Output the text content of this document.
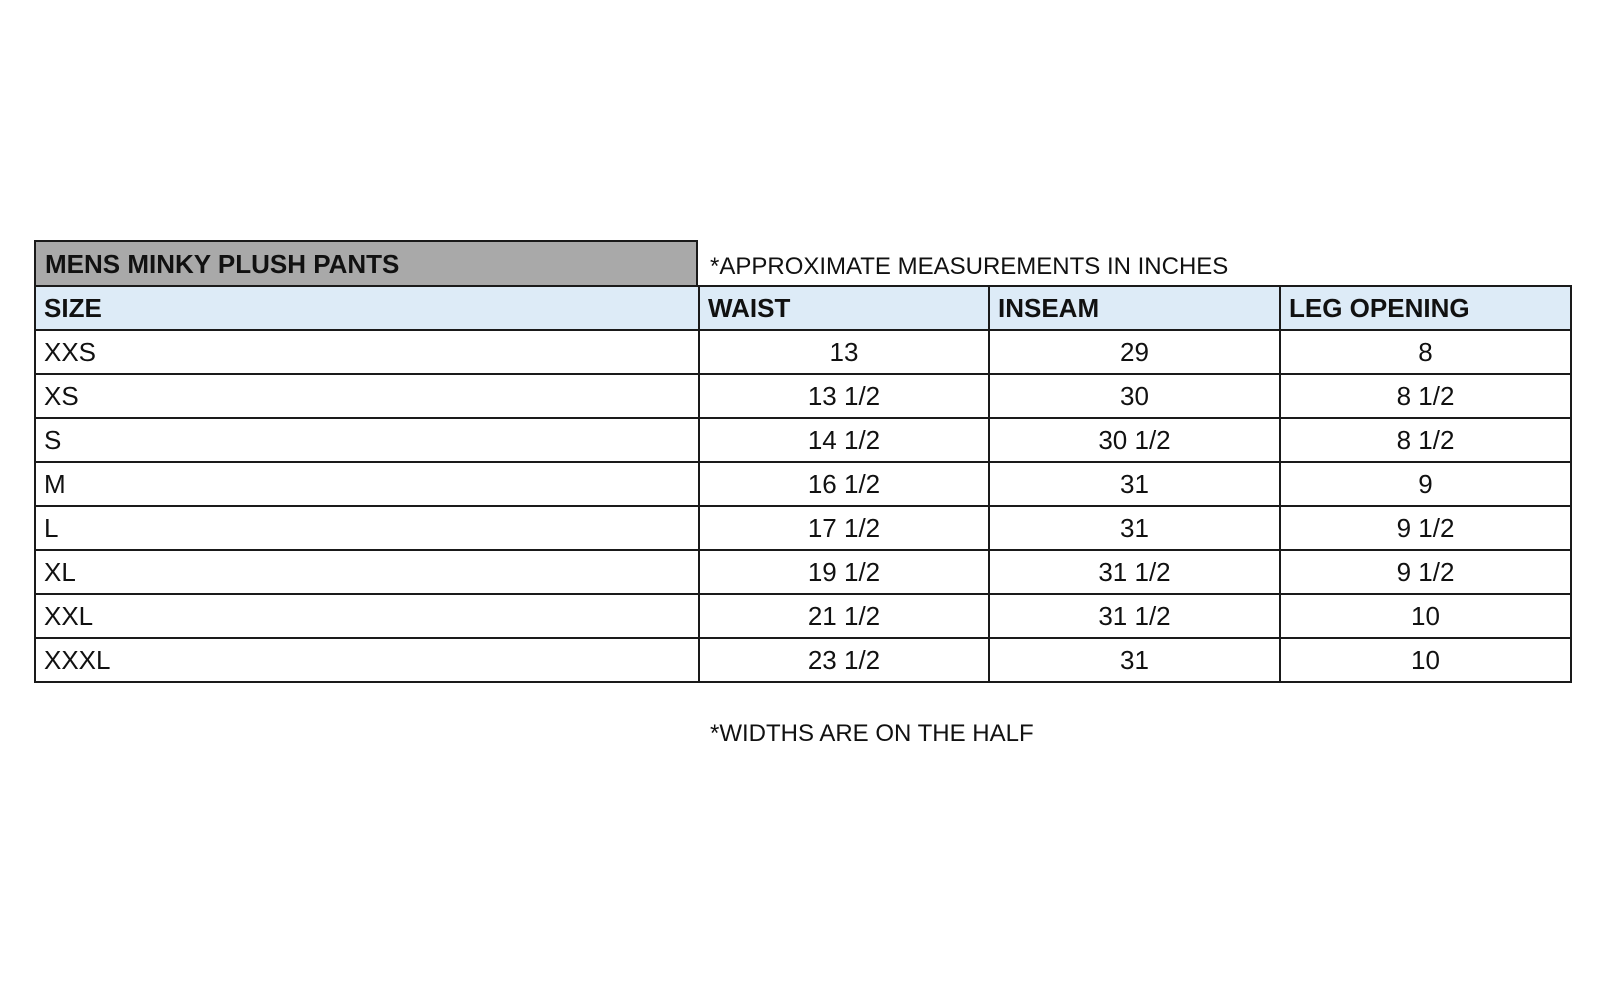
MENS MINKY PLUSH PANTS	*APPROXIMATE MEASUREMENTS IN INCHES
SIZE	WAIST	INSEAM	LEG OPENING
XXS	13	29	8
XS	13 1/2	30	8 1/2
S	14 1/2	30 1/2	8 1/2
M	16 1/2	31	9
L	17 1/2	31	9 1/2
XL	19 1/2	31 1/2	9 1/2
XXL	21 1/2	31 1/2	10
XXXL	23 1/2	31	10
*WIDTHS ARE ON THE HALF
